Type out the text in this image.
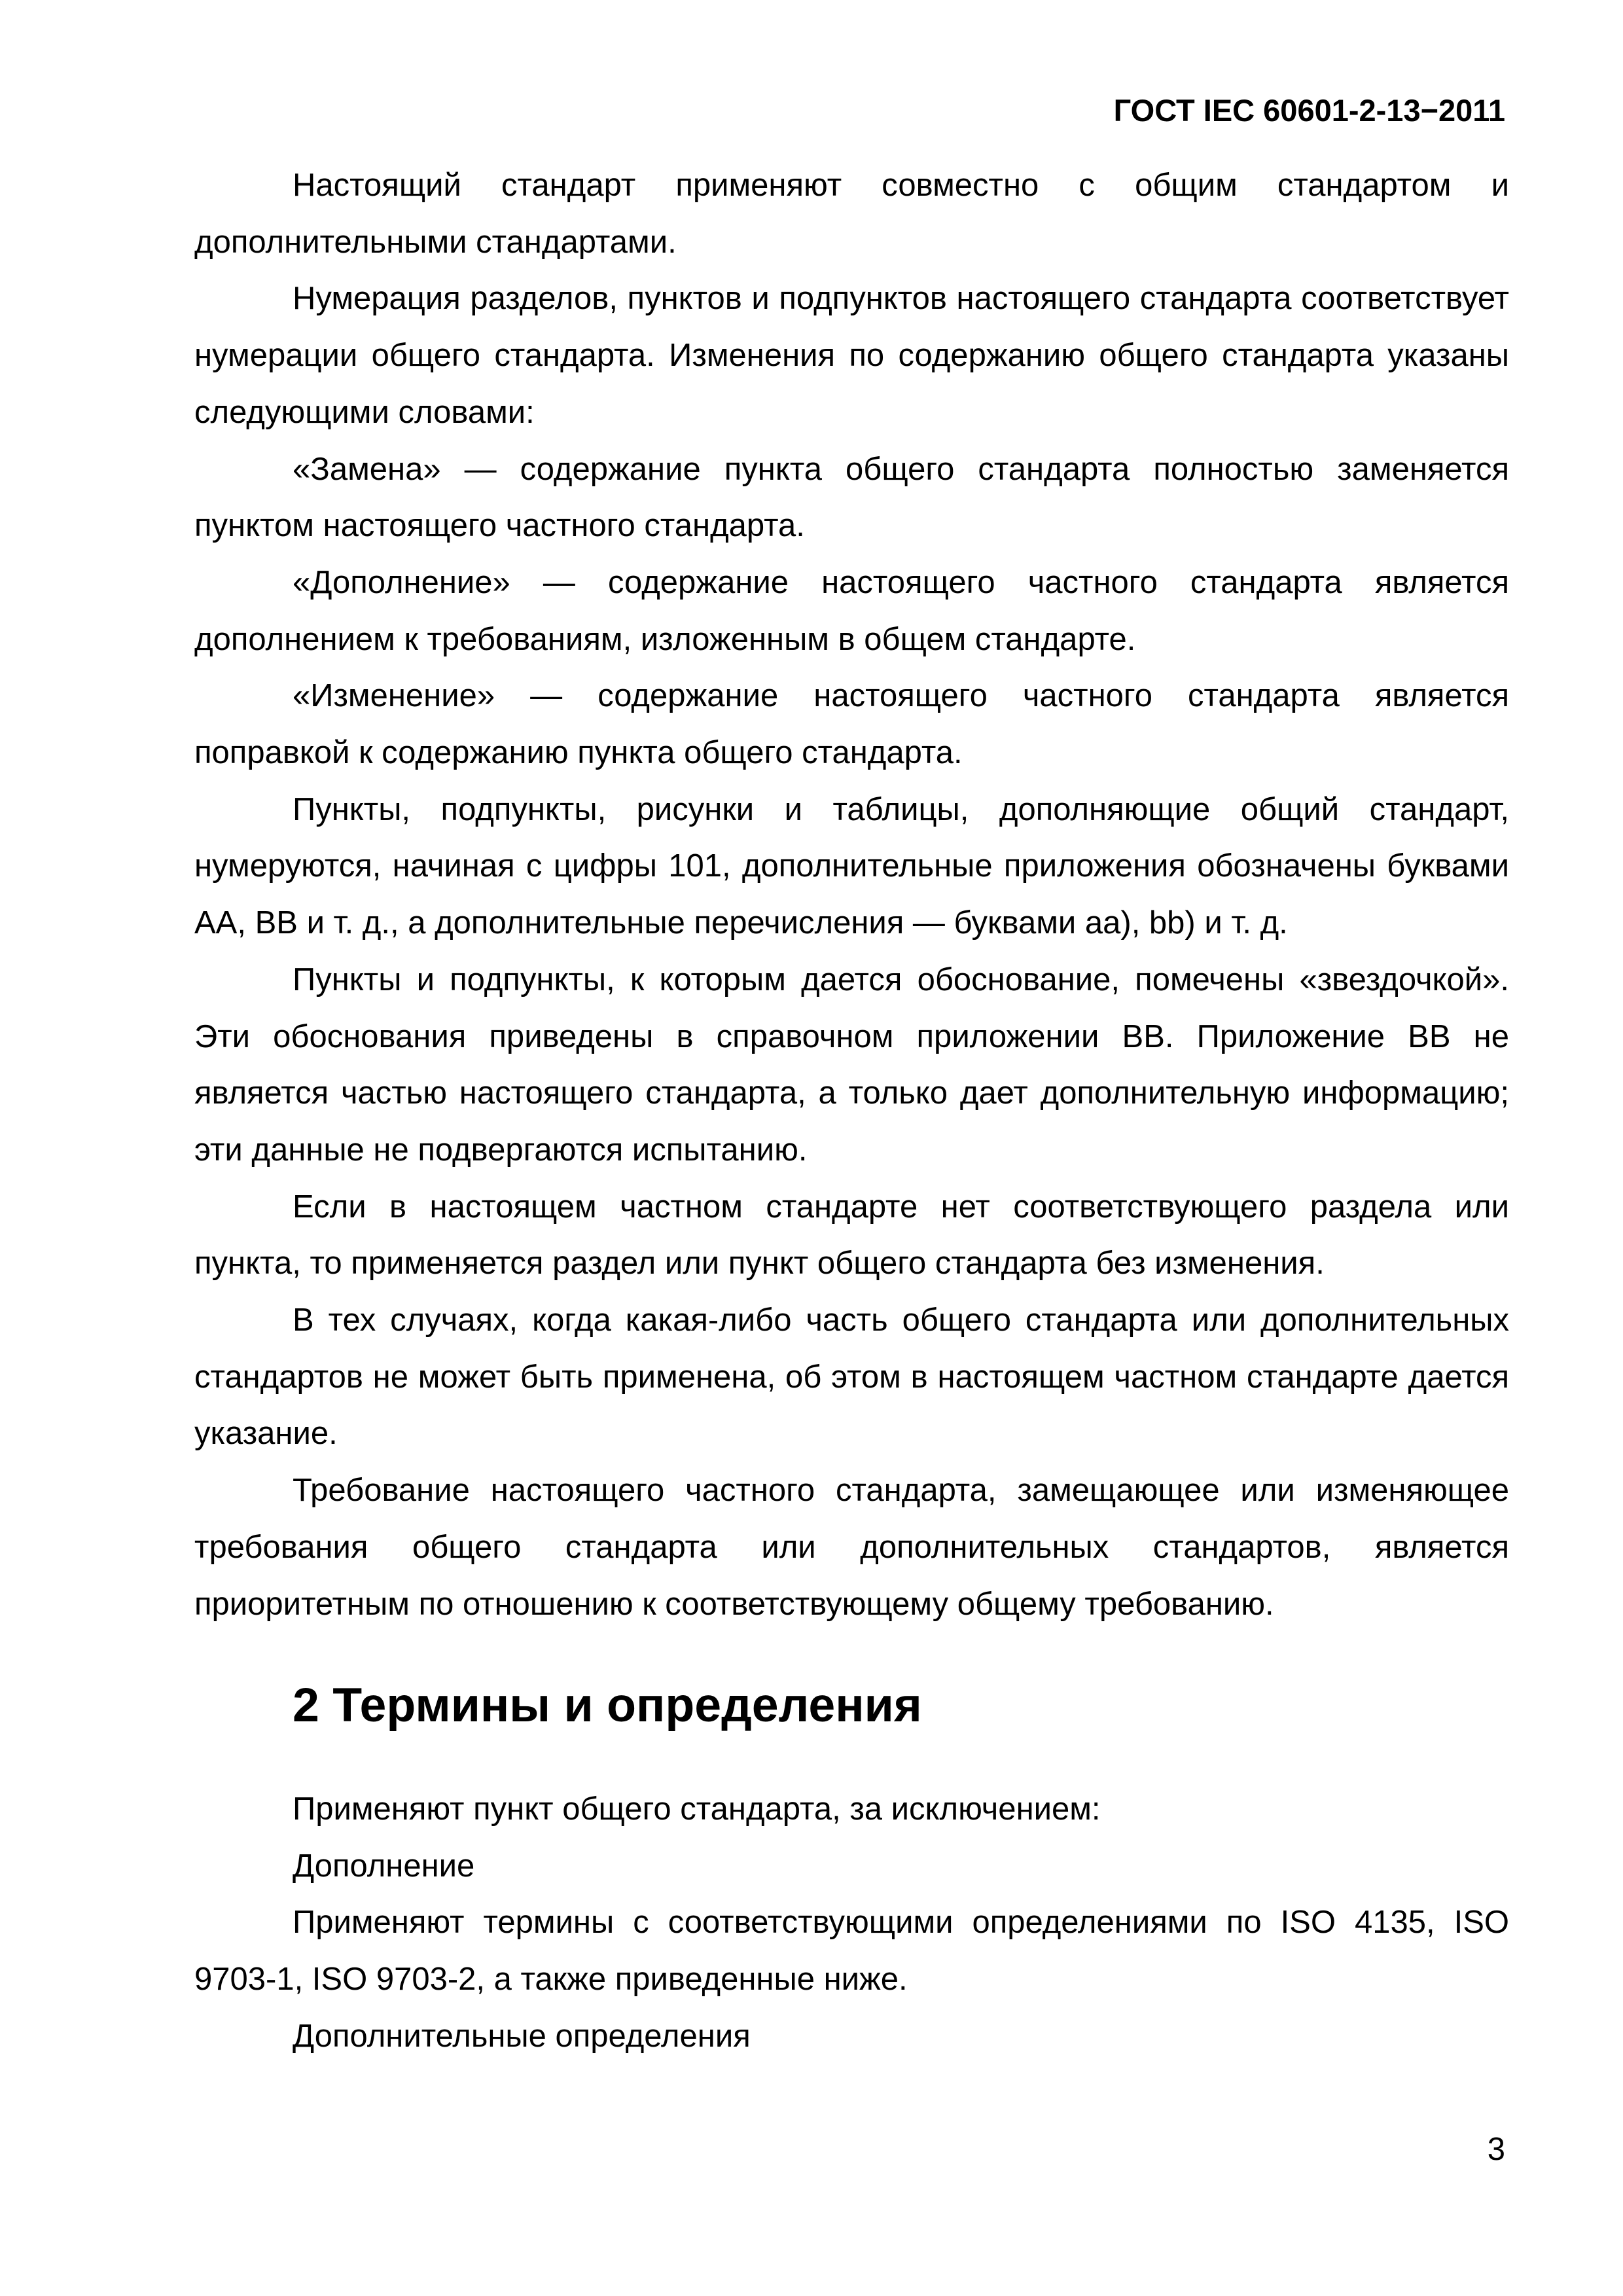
ГОСТ IEC 60601-2-13−2011

Настоящий стандарт применяют совместно с общим стандартом и дополнительными стандартами.

Нумерация разделов, пунктов и подпунктов настоящего стандарта соответствует нумерации общего стандарта. Изменения по содержанию общего стандарта указаны следующими словами:

«Замена» — содержание пункта общего стандарта полностью заменяется пунктом настоящего частного стандарта.

«Дополнение» — содержание настоящего частного стандарта является дополнением к требованиям, изложенным в общем стандарте.

«Изменение» — содержание настоящего частного стандарта является поправкой к содержанию пункта общего стандарта.

Пункты, подпункты, рисунки и таблицы, дополняющие общий стандарт, нумеруются, начиная с цифры 101, дополнительные приложения обозначены буквами АА, ВВ и т. д., а дополнительные перечисления — буквами аа), bb) и т. д.

Пункты и подпункты, к которым дается обоснование, помечены «звездочкой». Эти обоснования приведены в справочном приложении ВВ. Приложение ВВ не является частью настоящего стандарта, а только дает дополнительную информацию; эти данные не подвергаются испытанию.

Если в настоящем частном стандарте нет соответствующего раздела или пункта, то применяется раздел или пункт общего стандарта без изменения.

В тех случаях, когда какая-либо часть общего стандарта или дополнительных стандартов не может быть применена, об этом в настоящем частном стандарте дается указание.

Требование настоящего частного стандарта, замещающее или изменяющее требования общего стандарта или дополнительных стандартов, является приоритетным по отношению к соответствующему общему требованию.

2 Термины и определения

Применяют пункт общего стандарта, за исключением:

Дополнение

Применяют термины с соответствующими определениями по ISO 4135, ISO 9703-1, ISO 9703-2, а также приведенные ниже.

Дополнительные определения

3
